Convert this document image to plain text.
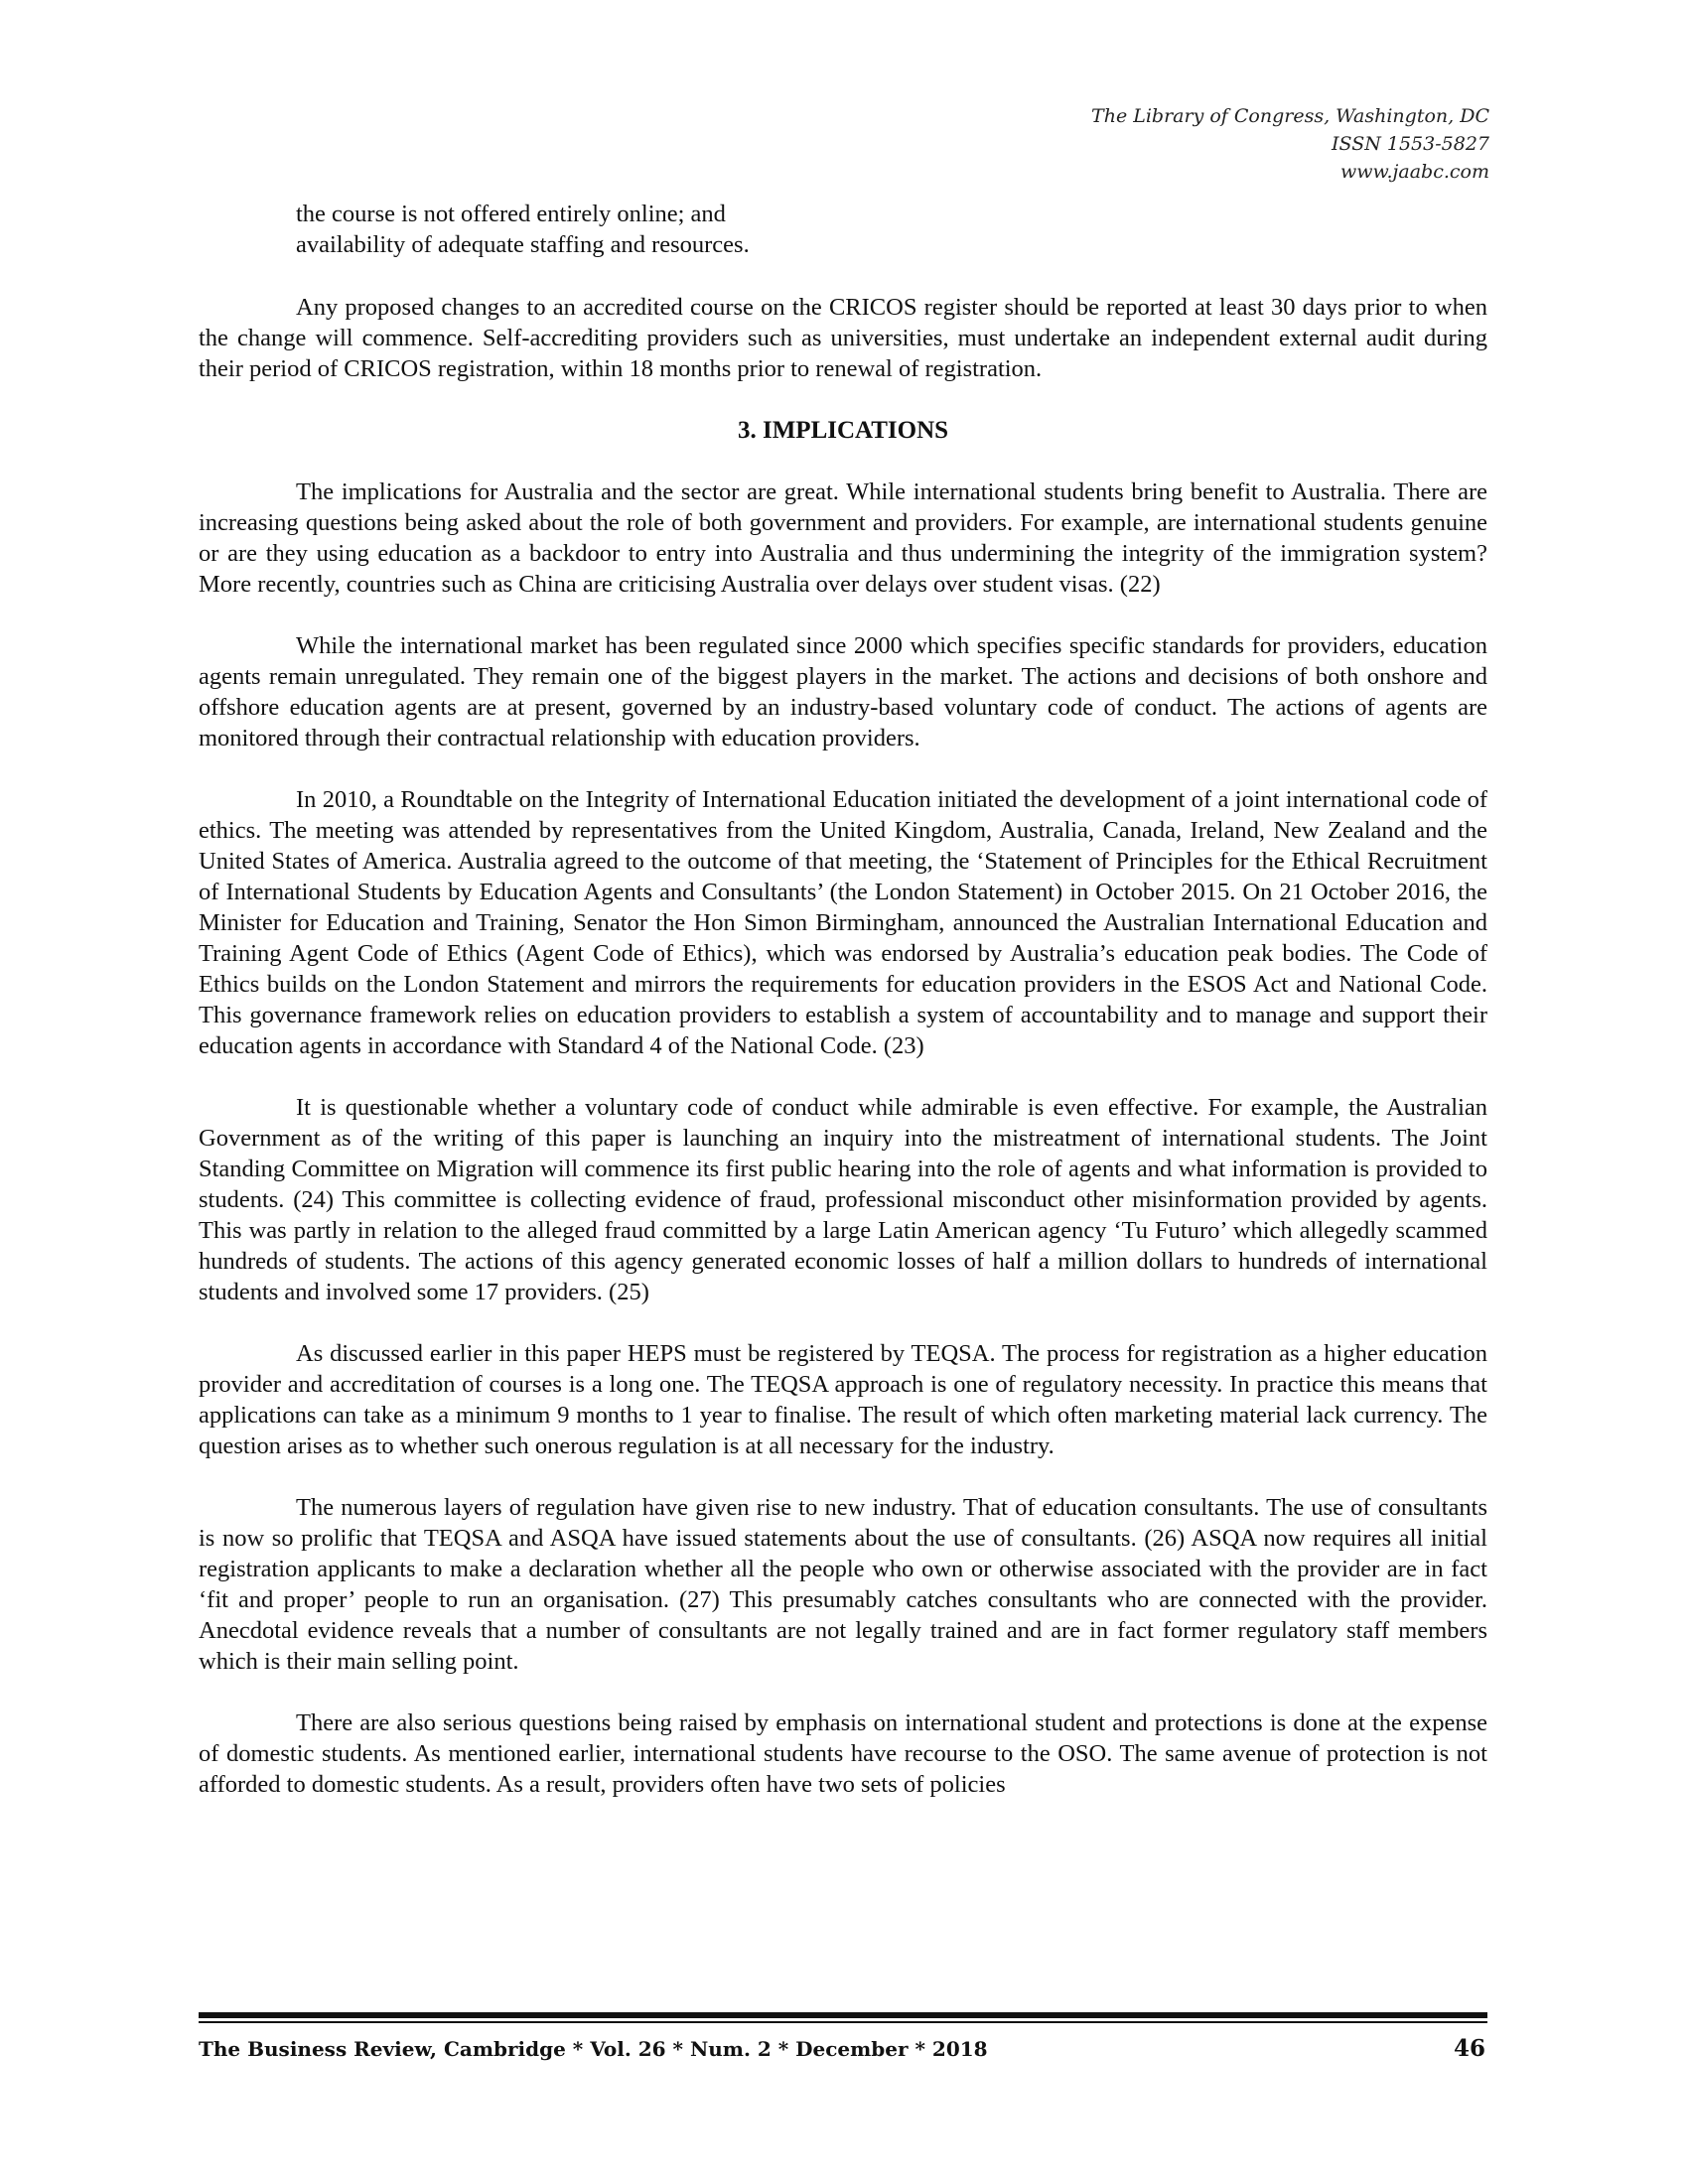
The Library of Congress, Washington, DC
ISSN 1553-5827
www.jaabc.com
the course is not offered entirely online; and
availability of adequate staffing and resources.

Any proposed changes to an accredited course on the CRICOS register should be reported at least 30 days prior to when the change will commence. Self-accrediting providers such as universities, must undertake an independent external audit during their period of CRICOS registration, within 18 months prior to renewal of registration.

3. IMPLICATIONS

The implications for Australia and the sector are great. While international students bring benefit to Australia. There are increasing questions being asked about the role of both government and providers. For example, are international students genuine or are they using education as a backdoor to entry into Australia and thus undermining the integrity of the immigration system? More recently, countries such as China are criticising Australia over delays over student visas. (22)

While the international market has been regulated since 2000 which specifies specific standards for providers, education agents remain unregulated. They remain one of the biggest players in the market. The actions and decisions of both onshore and offshore education agents are at present, governed by an industry-based voluntary code of conduct. The actions of agents are monitored through their contractual relationship with education providers.

In 2010, a Roundtable on the Integrity of International Education initiated the development of a joint international code of ethics. The meeting was attended by representatives from the United Kingdom, Australia, Canada, Ireland, New Zealand and the United States of America. Australia agreed to the outcome of that meeting, the ‘Statement of Principles for the Ethical Recruitment of International Students by Education Agents and Consultants’ (the London Statement) in October 2015. On 21 October 2016, the Minister for Education and Training, Senator the Hon Simon Birmingham, announced the Australian International Education and Training Agent Code of Ethics (Agent Code of Ethics), which was endorsed by Australia’s education peak bodies. The Code of Ethics builds on the London Statement and mirrors the requirements for education providers in the ESOS Act and National Code. This governance framework relies on education providers to establish a system of accountability and to manage and support their education agents in accordance with Standard 4 of the National Code. (23)

It is questionable whether a voluntary code of conduct while admirable is even effective. For example, the Australian Government as of the writing of this paper is launching an inquiry into the mistreatment of international students. The Joint Standing Committee on Migration will commence its first public hearing into the role of agents and what information is provided to students. (24) This committee is collecting evidence of fraud, professional misconduct other misinformation provided by agents. This was partly in relation to the alleged fraud committed by a large Latin American agency ‘Tu Futuro’ which allegedly scammed hundreds of students. The actions of this agency generated economic losses of half a million dollars to hundreds of international students and involved some 17 providers. (25)

As discussed earlier in this paper HEPS must be registered by TEQSA. The process for registration as a higher education provider and accreditation of courses is a long one. The TEQSA approach is one of regulatory necessity. In practice this means that applications can take as a minimum 9 months to 1 year to finalise. The result of which often marketing material lack currency. The question arises as to whether such onerous regulation is at all necessary for the industry.

The numerous layers of regulation have given rise to new industry. That of education consultants. The use of consultants is now so prolific that TEQSA and ASQA have issued statements about the use of consultants. (26) ASQA now requires all initial registration applicants to make a declaration whether all the people who own or otherwise associated with the provider are in fact ‘fit and proper’ people to run an organisation. (27) This presumably catches consultants who are connected with the provider. Anecdotal evidence reveals that a number of consultants are not legally trained and are in fact former regulatory staff members which is their main selling point.

There are also serious questions being raised by emphasis on international student and protections is done at the expense of domestic students. As mentioned earlier, international students have recourse to the OSO. The same avenue of protection is not afforded to domestic students. As a result, providers often have two sets of policies

The Business Review, Cambridge * Vol. 26 * Num. 2 * December * 2018	46
